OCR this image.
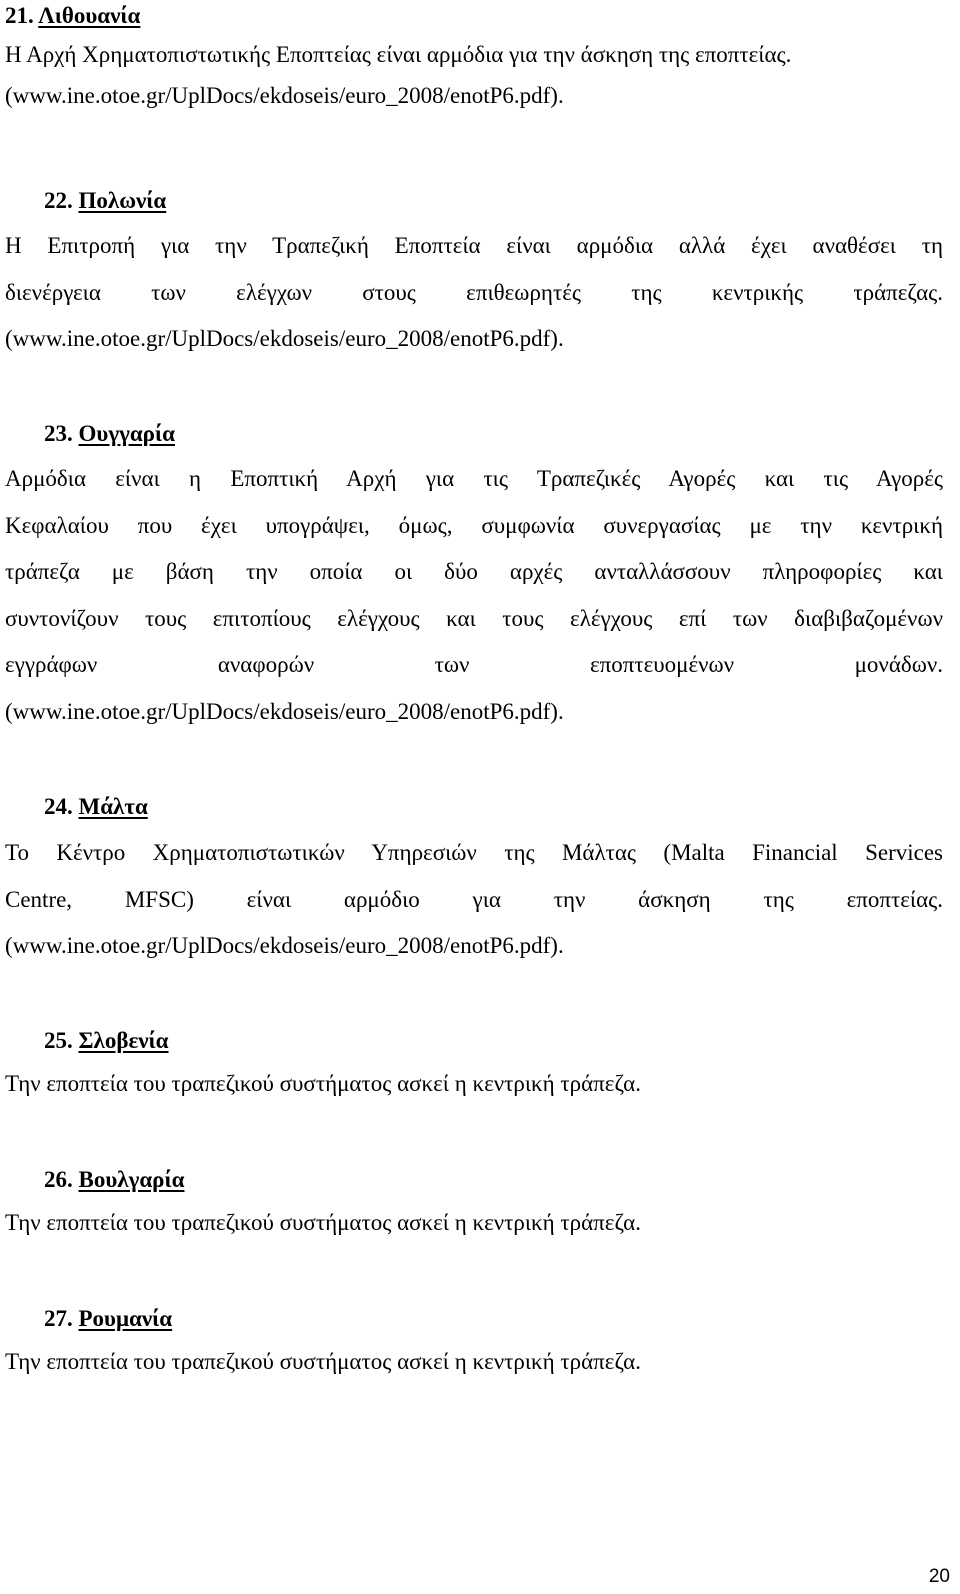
21. Λιθουανία
Η Αρχή Χρηματοπιστωτικής Εποπτείας είναι αρμόδια για την άσκηση της εποπτείας.
(www.ine.otoe.gr/UplDocs/ekdoseis/euro_2008/enotP6.pdf).
22. Πολωνία
Η Επιτροπή για την Τραπεζική Εποπτεία είναι αρμόδια αλλά έχει αναθέσει τη
διενέργεια των ελέγχων στους επιθεωρητές της κεντρικής τράπεζας.
(www.ine.otoe.gr/UplDocs/ekdoseis/euro_2008/enotP6.pdf).
23. Ουγγαρία
Αρμόδια είναι η Εποπτική Αρχή για τις Τραπεζικές Αγορές και τις Αγορές
Κεφαλαίου που έχει υπογράψει, όμως, συμφωνία συνεργασίας με την κεντρική
τράπεζα με βάση την οποία οι δύο αρχές ανταλλάσσουν πληροφορίες και
συντονίζουν τους επιτοπίους ελέγχους και τους ελέγχους επί των διαβιβαζομένων
εγγράφων αναφορών των εποπτευομένων μονάδων.
(www.ine.otoe.gr/UplDocs/ekdoseis/euro_2008/enotP6.pdf).
24. Μάλτα
Το Κέντρο Χρηματοπιστωτικών Υπηρεσιών της Μάλτας (Malta Financial Services
Centre, MFSC) είναι αρμόδιο για την άσκηση της εποπτείας.
(www.ine.otoe.gr/UplDocs/ekdoseis/euro_2008/enotP6.pdf).
25. Σλοβενία
Την εποπτεία του τραπεζικού συστήματος ασκεί η κεντρική τράπεζα.
26. Βουλγαρία
Την εποπτεία του τραπεζικού συστήματος ασκεί η κεντρική τράπεζα.
27. Ρουμανία
Την εποπτεία του τραπεζικού συστήματος ασκεί η κεντρική τράπεζα.
20
